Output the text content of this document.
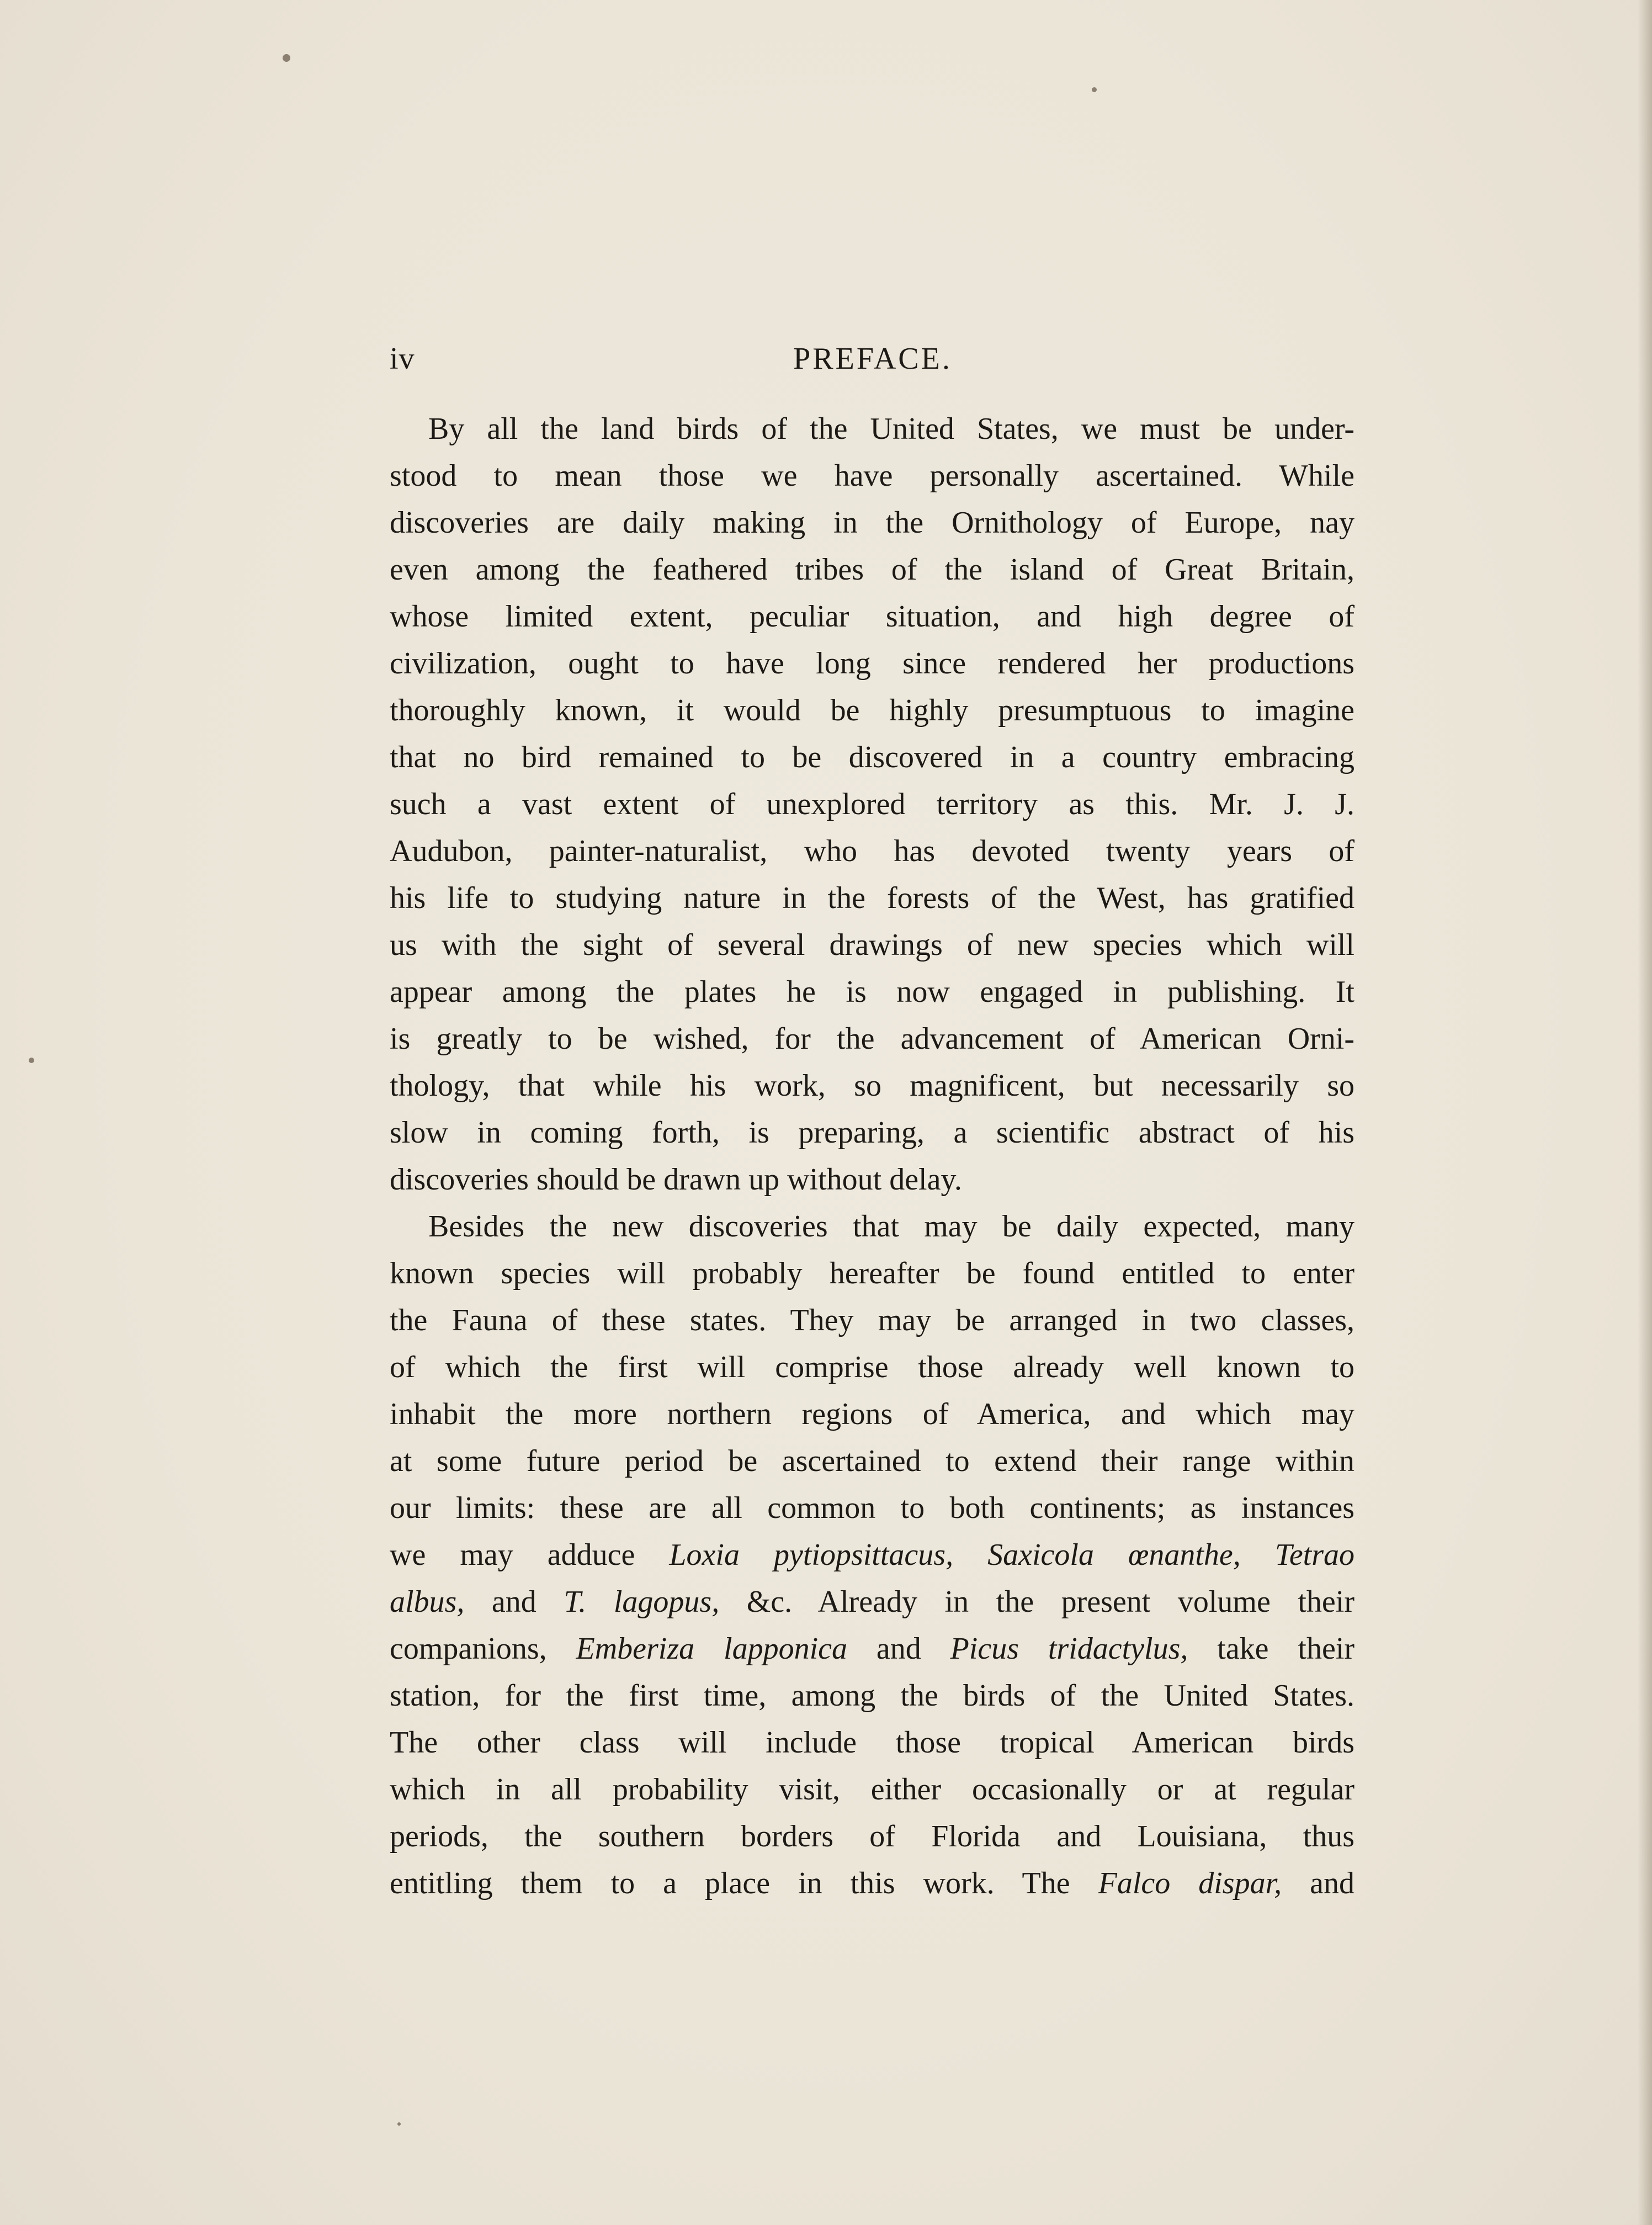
PREFACE.
iv
By all the land birds of the United States, we must be under-
stood to mean those we have personally ascertained. While
discoveries are daily making in the Ornithology of Europe, nay
even among the feathered tribes of the island of Great Britain,
whose limited extent, peculiar situation, and high degree of
civilization, ought to have long since rendered her productions
thoroughly known, it would be highly presumptuous to imagine
that no bird remained to be discovered in a country embracing
such a vast extent of unexplored territory as this. Mr. J. J.
Audubon, painter-naturalist, who has devoted twenty years of
his life to studying nature in the forests of the West, has gratified
us with the sight of several drawings of new species which will
appear among the plates he is now engaged in publishing. It
is greatly to be wished, for the advancement of American Orni-
thology, that while his work, so magnificent, but necessarily so
slow in coming forth, is preparing, a scientific abstract of his
discoveries should be drawn up without delay.
Besides the new discoveries that may be daily expected, many
known species will probably hereafter be found entitled to enter
the Fauna of these states. They may be arranged in two classes,
of which the first will comprise those already well known to
inhabit the more northern regions of America, and which may
at some future period be ascertained to extend their range within
our limits: these are all common to both continents; as instances
we may adduce Loxia pytiopsittacus, Saxicola œnanthe, Tetrao
albus, and T. lagopus, &c. Already in the present volume their
companions, Emberiza lapponica and Picus tridactylus, take their
station, for the first time, among the birds of the United States.
The other class will include those tropical American birds
which in all probability visit, either occasionally or at regular
periods, the southern borders of Florida and Louisiana, thus
entitling them to a place in this work. The Falco dispar, and
